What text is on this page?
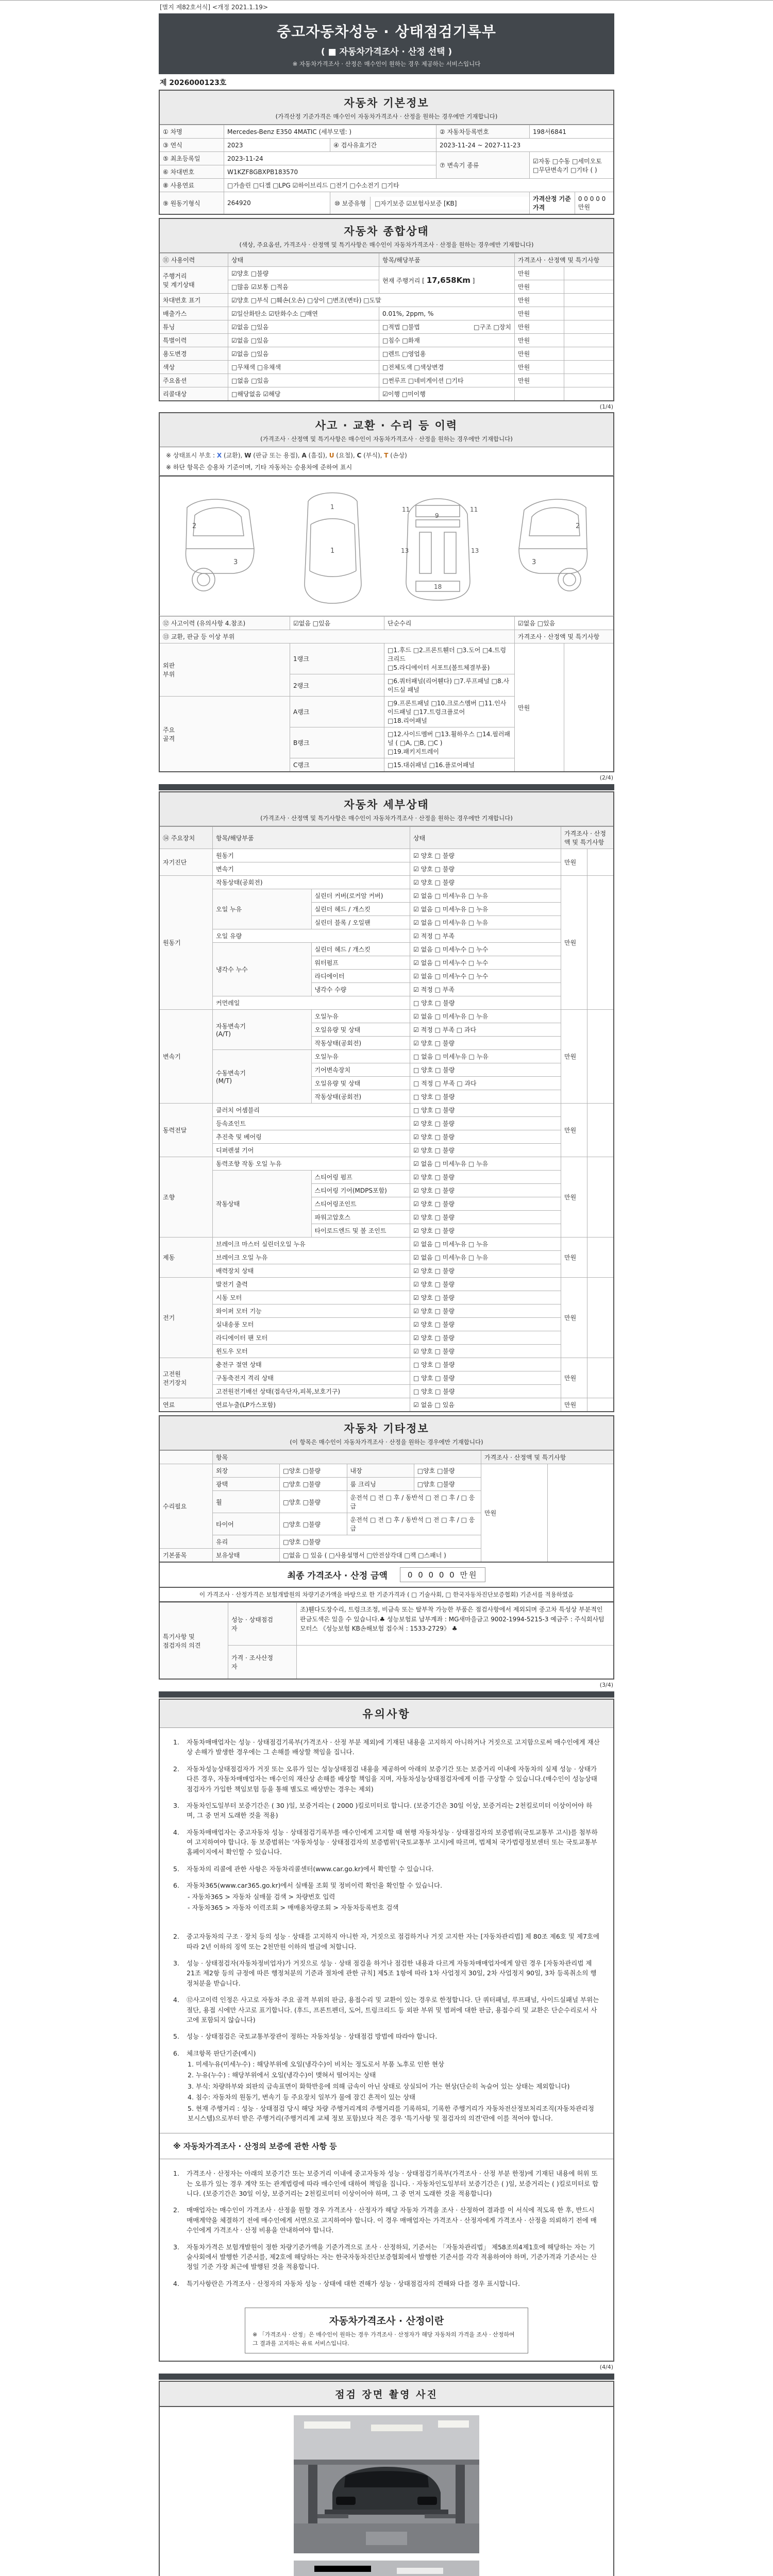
[별지 제82호서식] <개정 2021.1.19>
중고자동차성능 · 상태점검기록부
( ■ 자동차가격조사 · 산정 선택 )
※ 자동차가격조사 · 산정은 매수인이 원하는 경우 제공하는 서비스입니다
제 2026000123호
자동차 기본정보
(가격산정 기준가격은 매수인이 자동차가격조사 · 산정을 원하는 경우에만 기재합니다)
① 차명	Mercedes-Benz E350 4MATIC (세부모델: )		② 자동차등록번호	198서6841
③ 연식	2023	④ 검사유효기간	2023-11-24 ~ 2027-11-23	
⑤ 최초등록일	2023-11-24		⑦ 변속기 종류	☑자동 □수동 □세미오토
□무단변속기 □기타 ( )
⑥ 차대번호	W1KZF8GBXPB183570			
⑧ 사용연료	□가솔린 □디젤 □LPG ☑하이브리드 □전기 □수소전기 □기타			
⑨ 원동기형식	264920	⑩ 보증유형 □자기보증 ☑보험사보증 [KB]		가격산정 기준가격
0 0 0 0 0 만원
자동차 종합상태
(색상, 주요옵션, 가격조사 · 산정액 및 특기사항은 매수인이 자동차가격조사 · 산정을 원하는 경우에만 기재합니다)
⑪ 사용이력	상태	항목/해당부품	가격조사 · 산정액 및 특기사항	
주행거리
및 계기상태	☑양호 □불량	현재 주행거리 [ 17,658Km ]	만원	
	□많음 ☑보통 □적음		만원	
차대번호 표기	☑양호 □부식 □훼손(오손) □상이 □변조(변타) □도말		만원	
배출가스	☑일산화탄소 ☑탄화수소 □매연	0.01%, 2ppm, %	만원	
튜닝	☑없음 □있음	□적법 □불법 □구조 □장치	만원	
특별이력	☑없음 □있음	□침수 □화재	만원	
용도변경	☑없음 □있음	□렌트 □영업용	만원	
색상	□무채색 □유채색	□전체도색 □색상변경	만원	
주요옵션	□없음 □있음	□썬루프 □네비게이션 □기타	만원	
리콜대상	□해당없음 ☑해당	☑이행 □미이행		
(1/4)
사고 · 교환 · 수리 등 이력
(가격조사 · 산정액 및 특기사항은 매수인이 자동차가격조사 · 산정을 원하는 경우에만 기재합니다)
※ 상태표시 부호 : X (교환), W (판금 또는 용접), A (흠집), U (요철), C (부식), T (손상)
※ 하단 항목은 승용차 기준이며, 기타 자동차는 승용차에 준하여 표시
2
3
1
1	11	11
9
13	13
18
2
3
⑫ 사고이력 (유의사항 4.참조)	☑없음 □있음	단순수리	☑없음 □있음	
⑬ 교환, 판금 등 이상 부위			가격조사 · 산정액 및 특기사항	
외판
부위	1랭크	□1.후드 □2.프론트휀더 □3.도어 □4.트렁크리드
□5.라디에이터 서포트(볼트체결부품)	만원	
	2랭크	□6.쿼터패널(리어휀다) □7.루프패널 □8.사이드실 패널		
주요
골격	A랭크	□9.프론트패널 □10.크로스멤버 □11.인사이드패널 □17.트렁크플로어
□18.리어패널		
	B랭크	□12.사이드멤버 □13.휠하우스 □14.필러패널 ( □A, □B, □C )
□19.패키지트레이		
	C랭크	□15.대쉬패널 □16.플로어패널		
(2/4)
자동차 세부상태
(가격조사 · 산정액 및 특기사항은 매수인이 자동차가격조사 · 산정을 원하는 경우에만 기재합니다)
⑭ 주요장치	항목/해당부품		상태	가격조사 · 산정액 및 특기사항	
자기진단	원동기		☑ 양호 □ 불량	만원	
	변속기		☑ 양호 □ 불량		
원동기	작동상태(공회전)		☑ 양호 □ 불량	만원	
	오일 누유	실린더 커버(로커암 커버)	☑ 없음 □ 미세누유 □ 누유		
		실린더 헤드 / 개스킷	☑ 없음 □ 미세누유 □ 누유		
		실린더 블록 / 오일팬	☑ 없음 □ 미세누유 □ 누유		
	오일 유량		☑ 적정 □ 부족		
	냉각수 누수	실린더 헤드 / 개스킷	☑ 없음 □ 미세누수 □ 누수		
		워터펌프	☑ 없음 □ 미세누수 □ 누수		
		라디에이터	☑ 없음 □ 미세누수 □ 누수		
		냉각수 수량	☑ 적정 □ 부족		
	커먼레일		□ 양호 □ 불량		
변속기	자동변속기
(A/T)	오일누유	☑ 없음 □ 미세누유 □ 누유	만원	
		오일유량 및 상태	☑ 적정 □ 부족 □ 과다		
		작동상태(공회전)	☑ 양호 □ 불량		
	수동변속기
(M/T)	오일누유	□ 없음 □ 미세누유 □ 누유		
		기어변속장치	□ 양호 □ 불량		
		오일유량 및 상태	□ 적정 □ 부족 □ 과다		
		작동상태(공회전)	□ 양호 □ 불량		
동력전달	클러치 어셈블리		□ 양호 □ 불량	만원	
	등속죠인트		☑ 양호 □ 불량		
	추진축 및 베어링		☑ 양호 □ 불량		
	디퍼렌셜 기어		☑ 양호 □ 불량		
조향	동력조향 작동 오일 누유		☑ 없음 □ 미세누유 □ 누유	만원	
	작동상태	스티어링 펌프	☑ 양호 □ 불량		
		스티어링 기어(MDPS포함)	☑ 양호 □ 불량		
		스티어링조인트	☑ 양호 □ 불량		
		파워고압호스	☑ 양호 □ 불량		
		타이로드엔드 및 볼 조인트	☑ 양호 □ 불량		
제동	브레이크 마스터 실린더오일 누유		☑ 없음 □ 미세누유 □ 누유	만원	
	브레이크 오일 누유		☑ 없음 □ 미세누유 □ 누유		
	배력장치 상태		☑ 양호 □ 불량		
전기	발전기 출력		☑ 양호 □ 불량	만원	
	시동 모터		☑ 양호 □ 불량		
	와이퍼 모터 기능		☑ 양호 □ 불량		
	실내송풍 모터		☑ 양호 □ 불량		
	라디에이터 팬 모터		☑ 양호 □ 불량		
	윈도우 모터		☑ 양호 □ 불량		
고전원
전기장치	충전구 절연 상태		□ 양호 □ 불량	만원	
	구동축전지 격리 상태		□ 양호 □ 불량		
	고전원전기배선 상태(접속단자,피복,보호기구)		□ 양호 □ 불량		
연료	연료누출(LP가스포함)		☑ 없음 □ 있음	만원	
자동차 기타정보
(이 항목은 매수인이 자동차가격조사 · 산정을 원하는 경우에만 기재합니다)
	항목				가격조사 · 산정액 및 특기사항	
수리필요	외장	□양호 □불량	내장	□양호 □불량	만원	
	광택	□양호 □불량	룸 크리닝	□양호 □불량		
	휠	□양호 □불량	운전석 □ 전 □ 후 / 동반석 □ 전 □ 후 / □ 응급			
	타이어	□양호 □불량	운전석 □ 전 □ 후 / 동반석 □ 전 □ 후 / □ 응급			
	유리	□양호 □불량				
기본품목	보유상태	□없음 □ 있음 ( □사용설명서 □안전삼각대 □잭 □스패너 )				
최종 가격조사 · 산정 금액	0 0 0 0 0 만원
이 가격조사 · 산정가격은 보험개발원의 차량기준가액을 바탕으로 한 기준가격과 ( □ 기술사회, □ 한국자동차진단보증협회) 기준서를 적용하였음
특기사항 및
점검자의 의견	성능 · 상태점검
자	조)휀다도장수리, 트렁크조정, 비금속 또는 탈부착 가능한 부품은 점검사항에서 제외되며 중고차 특성상 부분적인 판금도색은 있을 수 있습니다.♣ 성능보험료 납부계좌 : MG새마을금고 9002-1994-5215-3 예금주 : 주식회사텀모터스 《성능보험 KB손해보험 접수처 : 1533-2729》 ♣
	가격 · 조사산정
자	
(3/4)
유의사항
1.	자동차매매업자는 성능 · 상태점검기록부(가격조사 · 산정 부분 제외)에 기재된 내용을 고지하지 아니하거나 거짓으로 고지함으로써 매수인에게 재산상 손해가 발생한 경우에는 그 손해를 배상할 책임을 집니다.
2.	자동차성능상태점검자가 거짓 또는 오류가 있는 성능상태점검 내용을 제공하여 아래의 보증기간 또는 보증거리 이내에 자동차의 실제 성능 · 상태가 다른 경우, 자동차매매업자는 매수인의 재산상 손해를 배상할 책임을 지며, 자동차성능상태점검자에게 이를 구상할 수 있습니다.(매수인이 성능상태점검자가 가입한 책임보험 등을 통해 별도로 배상받는 경우는 제외)
3.	자동차인도일부터 보증기간은 ( 30 )일, 보증거리는 ( 2000 )킬로미터로 합니다. (보증기간은 30일 이상, 보증거리는 2천킬로미터 이상이어야 하며, 그 중 먼저 도래한 것을 적용)
4.	자동차매매업자는 중고자동차 성능 · 상태점검기록부를 매수인에게 고지할 때 현행 자동차성능 · 상태점검자의 보증범위(국토교통부 고시)를 첨부하여 고지하여야 합니다. 동 보증범위는 '자동차성능 · 상태점검자의 보증범위'(국토교통부 고시)에 따르며, 법제처 국가법령정보센터 또는 국토교통부 홈페이지에서 확인할 수 있습니다.
5.	자동차의 리콜에 관한 사항은 자동차리콜센터(www.car.go.kr)에서 확인할 수 있습니다.
6.	자동차365(www.car365.go.kr)에서 실매물 조회 및 정비이력 확인을 확인할 수 있습니다.
- 자동차365 > 자동차 실매물 검색 > 차량번호 입력
- 자동차365 > 자동차 이력조회 > 매매용차량조회 > 자동차등록번호 검색
2.	중고자동차의 구조 · 장치 등의 성능 · 상태를 고지하지 아니한 자, 거짓으로 점검하거나 거짓 고지한 자는 [자동차관리법] 제 80조 제6호 및 제7호에 따라 2년 이하의 징역 또는 2천만원 이하의 벌금에 처합니다.
3.	성능 · 상태점검자(자동차정비업자)가 거짓으로 성능 · 상태 점검을 하거나 점검한 내용과 다르게 자동차매매업자에게 알린 경우 [자동차관리법 제21조 제2항 등의 규정에 따른 행정처분의 기준과 절차에 관한 규칙] 제5조 1항에 따라 1차 사업정지 30일, 2차 사업정지 90일, 3차 등록취소의 행정처분을 받습니다.
4.	⑫사고이력 인정은 사고로 자동차 주요 골격 부위의 판금, 용접수리 및 교환이 있는 경우로 한정합니다. 단 쿼터패널, 루프패널, 사이드실패널 부위는 절단, 용접 시에만 사고로 표기합니다. (후드, 프론트펜더, 도어, 트렁크리드 등 외판 부위 및 범퍼에 대한 판금, 용접수리 및 교환은 단순수리로서 사고에 포함되지 않습니다)
5.	성능 · 상태점검은 국토교통부장관이 정하는 자동차성능 · 상태점검 방법에 따라야 합니다.
6.	체크항목 판단기준(예시)
1. 미세누유(미세누수) : 해당부위에 오일(냉각수)이 비치는 정도로서 부품 노후로 인한 현상
2. 누유(누수) : 해당부위에서 오일(냉각수)이 맺혀서 떨어지는 상태
3. 부식: 차량하부와 외판의 금속표면이 화학반응에 의해 금속이 아닌 상태로 상실되어 가는 현상(단순히 녹슬어 있는 상태는 제외합니다)
4. 침수: 자동차의 원동기, 변속기 등 주요장치 일부가 물에 잠긴 흔적이 있는 상태
5. 현재 주행거리 : 성능 · 상태점검 당시 해당 차량 주행거리계의 주행거리를 기록하되, 기록한 주행거리가 자동차전산정보처리조직(자동차관리정보시스템)으로부터 받은 주행거리(주행거리계 교체 정보 포함)보다 적은 경우 '특기사항 및 점검자의 의견'란에 이를 적어야 합니다.
※ 자동차가격조사 · 산정의 보증에 관한 사항 등
1.	가격조사 · 산정자는 아래의 보증기간 또는 보증거리 이내에 중고자동차 성능 · 상태점검기록부(가격조사 · 산정 부분 한정)에 기재된 내용에 허위 또는 오류가 있는 경우 계약 또는 관계법령에 따라 매수인에 대하여 책임을 집니다. · 자동차인도일부터 보증기간은 ( )일, 보증거리는 ( )킬로미터로 합니다. (보증기간은 30일 이상, 보증거리는 2천킬로미터 이상이어야 하며, 그 중 먼저 도래한 것을 적용합니다)
2.	매매업자는 매수인이 가격조사 · 산정을 원할 경우 가격조사 · 산정자가 해당 자동차 가격을 조사 · 산정하여 결과를 이 서식에 적도록 한 후, 반드시 매매계약을 체결하기 전에 매수인에게 서면으로 고지하여야 합니다. 이 경우 매매업자는 가격조사 · 산정자에게 가격조사 · 산정을 의뢰하기 전에 매수인에게 가격조사 · 산정 비용을 안내하여야 합니다.
3.	자동차가격은 보험개발원이 정한 차량기준가액을 기준가격으로 조사 · 산정하되, 기준서는 「자동차관리법」 제58조의4제1호에 해당하는 자는 기술사회에서 발행한 기준서를, 제2호에 해당하는 자는 한국자동차진단보증협회에서 발행한 기준서를 각각 적용하여야 하며, 기준가격과 기준서는 산정일 기준 가장 최근에 발행된 것을 적용합니다.
4.	특기사항란은 가격조사 · 산정자의 자동차 성능 · 상태에 대한 견해가 성능 · 상태점검자의 견해와 다를 경우 표시합니다.
자동차가격조사 · 산정이란
※ 「가격조사 · 산정」은 매수인이 원하는 경우 가격조사 · 산정자가 해당 자동차의 가격을 조사 · 산정하여 그 결과를 고지하는 유료 서비스입니다.
(4/4)
점검 장면 촬영 사진
